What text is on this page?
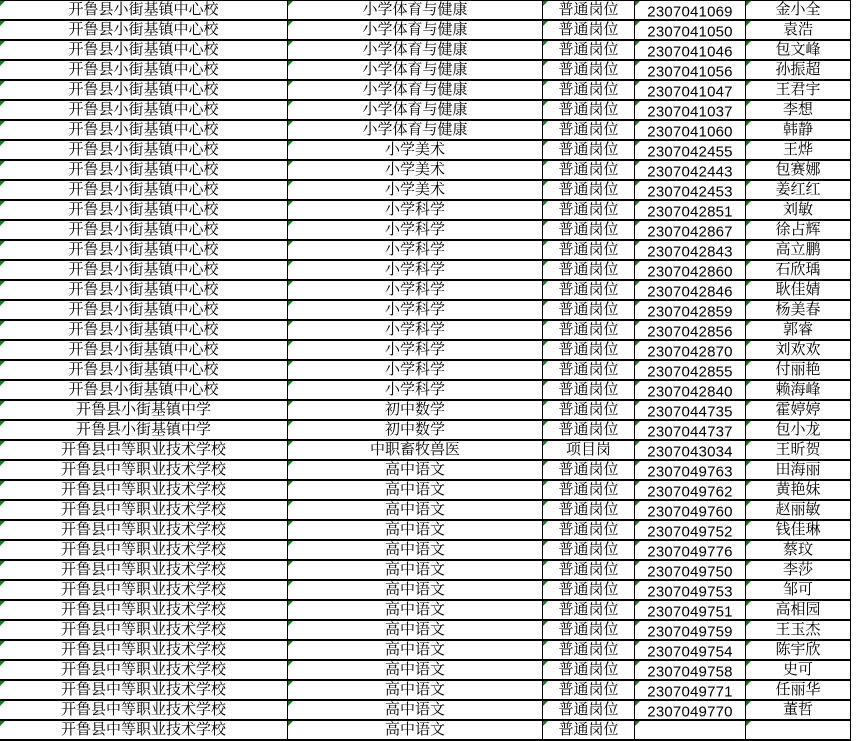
开鲁县小街基镇中心校	小学体育与健康	普通岗位 2307041069	金小全
开鲁县小街基镇中心校	小学体育与健康	普通岗位 2307041050	袁浩
开鲁县小街基镇中心校	小学体育与健康	普通岗位 2307041046	包文峰
开鲁县小街基镇中心校	小学体育与健康	普通岗位 2307041056	孙振超
开鲁县小街基镇中心校	小学体育与健康	普通岗位 2307041047	王君宇
开鲁县小街基镇中心校	小学体育与健康	普通岗位 2307041037	李想
开鲁县小街基镇中心校	小学体育与健康	普通岗位 2307041060	韩静
开鲁县小街基镇中心校	小学美术	普通岗位 2307042455	王烨
开鲁县小街基镇中心校	小学美术	普通岗位 2307042443	包赛娜
开鲁县小街基镇中心校	小学美术	普通岗位 2307042453	姜红红
开鲁县小街基镇中心校	小学科学	普通岗位 2307042851	刘敏
开鲁县小街基镇中心校	小学科学	普通岗位 2307042867	徐占辉
开鲁县小街基镇中心校	小学科学	普通岗位 2307042843	高立鹏
开鲁县小街基镇中心校	小学科学	普通岗位 2307042860	石欣瑀
开鲁县小街基镇中心校	小学科学	普通岗位 2307042846	耿佳婧
开鲁县小街基镇中心校	小学科学	普通岗位 2307042859	杨美春
开鲁县小街基镇中心校	小学科学	普通岗位 2307042856	郭睿
开鲁县小街基镇中心校	小学科学	普通岗位 2307042870	刘欢欢
开鲁县小街基镇中心校	小学科学	普通岗位 2307042855	付丽艳
开鲁县小街基镇中心校	小学科学	普通岗位 2307042840	赖海峰
开鲁县小街基镇中学	初中数学	普通岗位 2307044735	霍婷婷
开鲁县小街基镇中学	初中数学	普通岗位 2307044737	包小龙
开鲁县中等职业技术学校	中职畜牧兽医	项目岗 2307043034	王昕贺
开鲁县中等职业技术学校	高中语文	普通岗位 2307049763	田海丽
开鲁县中等职业技术学校	高中语文	普通岗位 2307049762	黄艳妹
开鲁县中等职业技术学校	高中语文	普通岗位 2307049760	赵丽敏
开鲁县中等职业技术学校	高中语文	普通岗位 2307049752	钱佳琳
开鲁县中等职业技术学校	高中语文	普通岗位 2307049776	蔡玟
开鲁县中等职业技术学校	高中语文	普通岗位 2307049750	李莎
开鲁县中等职业技术学校	高中语文	普通岗位 2307049753	邹可
开鲁县中等职业技术学校	高中语文	普通岗位 2307049751	高相园
开鲁县中等职业技术学校	高中语文	普通岗位 2307049759	王玉杰
开鲁县中等职业技术学校	高中语文	普通岗位 2307049754	陈宇欣
开鲁县中等职业技术学校	高中语文	普通岗位 2307049758	史可
开鲁县中等职业技术学校	高中语文	普通岗位 2307049771	任丽华
开鲁县中等职业技术学校	高中语文	普通岗位 2307049770	董哲
开鲁县中等职业技术学校	高中语文	普通岗位
